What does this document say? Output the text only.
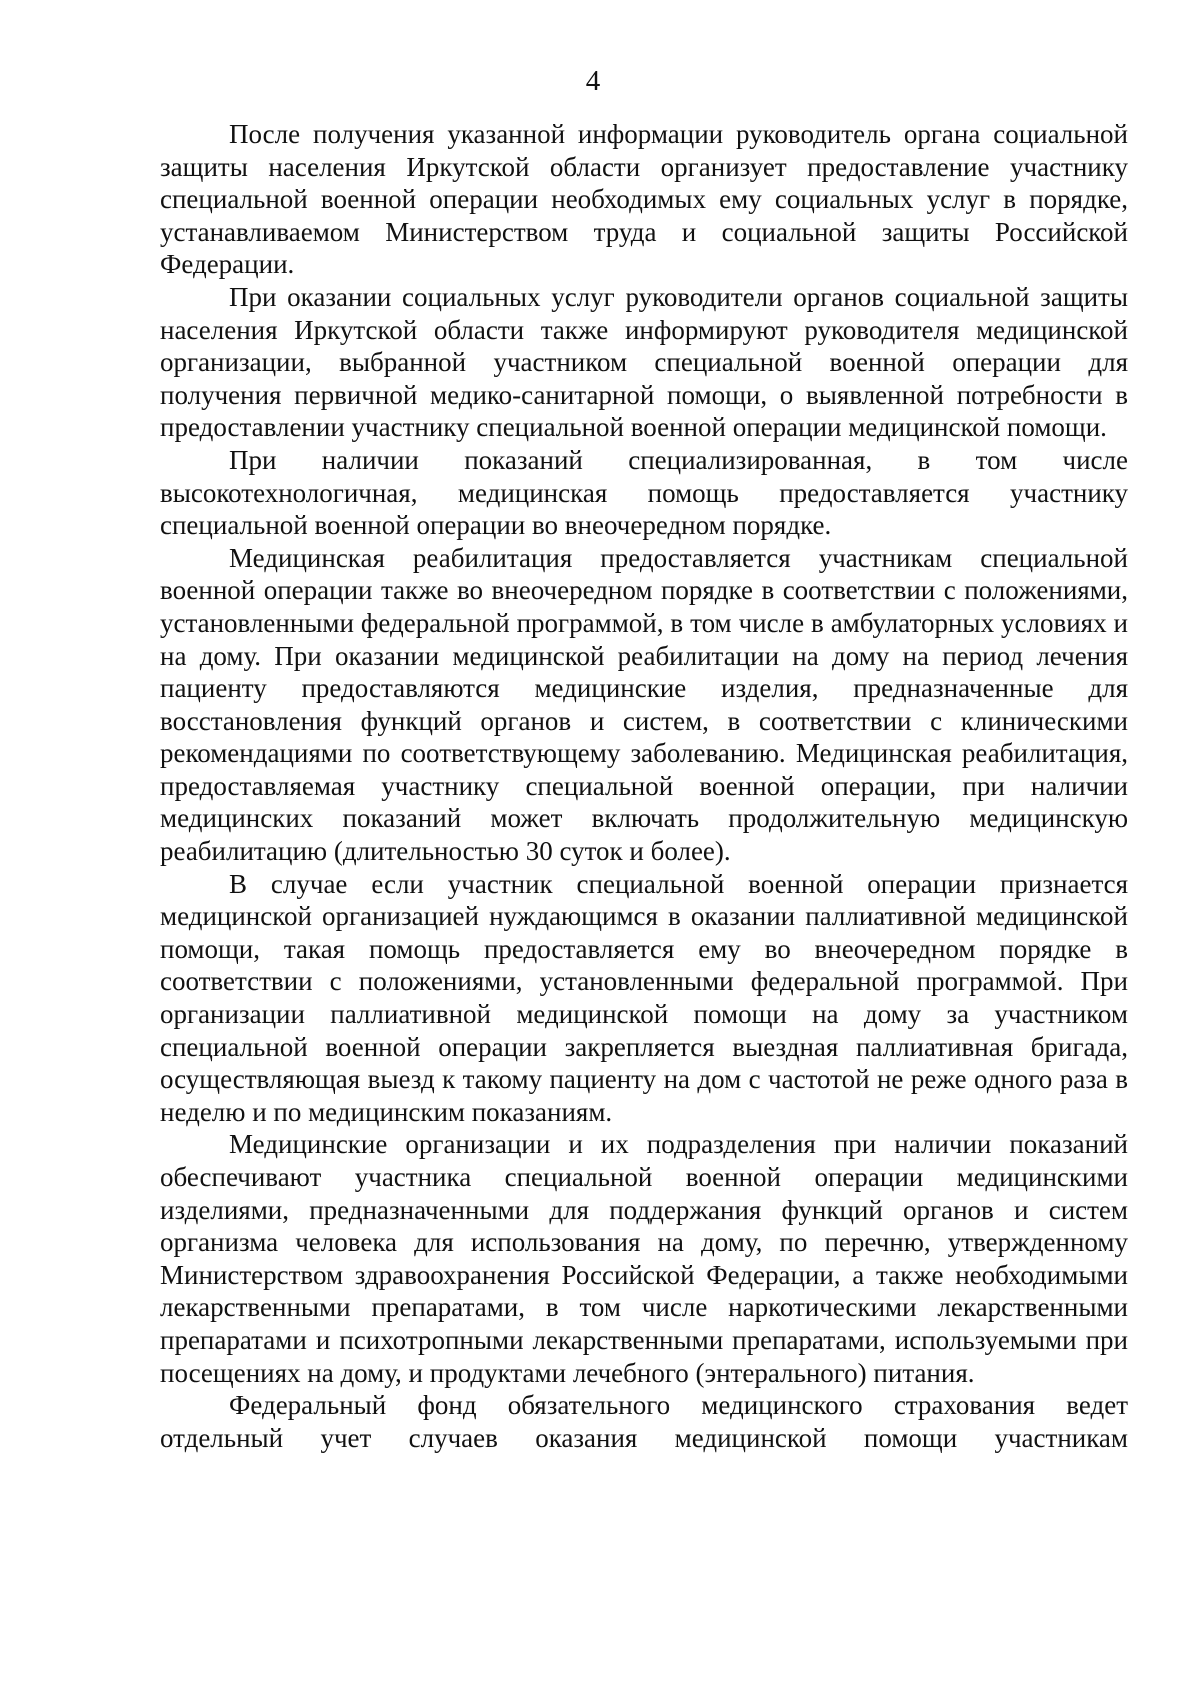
4

После получения указанной информации руководитель органа социальной защиты населения Иркутской области организует предоставление участнику специальной военной операции необходимых ему социальных услуг в порядке, устанавливаемом Министерством труда и социальной защиты Российской Федерации.

При оказании социальных услуг руководители органов социальной защиты населения Иркутской области также информируют руководителя медицинской организации, выбранной участником специальной военной операции для получения первичной медико-санитарной помощи, о выявленной потребности в предоставлении участнику специальной военной операции медицинской помощи.

При наличии показаний специализированная, в том числе высокотехнологичная, медицинская помощь предоставляется участнику специальной военной операции во внеочередном порядке.

Медицинская реабилитация предоставляется участникам специальной военной операции также во внеочередном порядке в соответствии с положениями, установленными федеральной программой, в том числе в амбулаторных условиях и на дому. При оказании медицинской реабилитации на дому на период лечения пациенту предоставляются медицинские изделия, предназначенные для восстановления функций органов и систем, в соответствии с клиническими рекомендациями по соответствующему заболеванию. Медицинская реабилитация, предоставляемая участнику специальной военной операции, при наличии медицинских показаний может включать продолжительную медицинскую реабилитацию (длительностью 30 суток и более).

В случае если участник специальной военной операции признается медицинской организацией нуждающимся в оказании паллиативной медицинской помощи, такая помощь предоставляется ему во внеочередном порядке в соответствии с положениями, установленными федеральной программой. При организации паллиативной медицинской помощи на дому за участником специальной военной операции закрепляется выездная паллиативная бригада, осуществляющая выезд к такому пациенту на дом с частотой не реже одного раза в неделю и по медицинским показаниям.

Медицинские организации и их подразделения при наличии показаний обеспечивают участника специальной военной операции медицинскими изделиями, предназначенными для поддержания функций органов и систем организма человека для использования на дому, по перечню, утвержденному Министерством здравоохранения Российской Федерации, а также необходимыми лекарственными препаратами, в том числе наркотическими лекарственными препаратами и психотропными лекарственными препаратами, используемыми при посещениях на дому, и продуктами лечебного (энтерального) питания.

Федеральный фонд обязательного медицинского страхования ведет отдельный учет случаев оказания медицинской помощи участникам
